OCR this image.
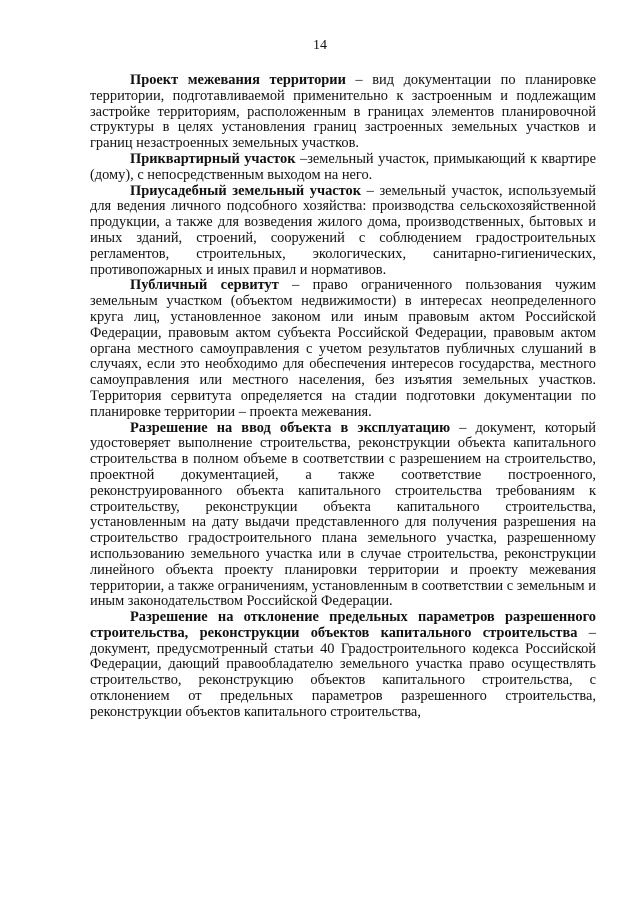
14

Проект межевания территории – вид документации по планировке территории, подготавливаемой применительно к застроенным и подлежащим застройке территориям, расположенным в границах элементов планировочной структуры в целях установления границ застроенных земельных участков и границ незастроенных земельных участков.

Приквартирный участок –земельный участок, примыкающий к квартире (дому), с непосредственным выходом на него.

Приусадебный земельный участок – земельный участок, используемый для ведения личного подсобного хозяйства: производства сельскохозяйственной продукции, а также для возведения жилого дома, производственных, бытовых и иных зданий, строений, сооружений с соблюдением градостроительных регламентов, строительных, экологических, санитарно-гигиенических, противопожарных и иных правил и нормативов.

Публичный сервитут – право ограниченного пользования чужим земельным участком (объектом недвижимости) в интересах неопределенного круга лиц, установленное законом или иным правовым актом Российской Федерации, правовым актом субъекта Российской Федерации, правовым актом органа местного самоуправления с учетом результатов публичных слушаний в случаях, если это необходимо для обеспечения интересов государства, местного самоуправления или местного населения, без изъятия земельных участков. Территория сервитута определяется на стадии подготовки документации по планировке территории – проекта межевания.

Разрешение на ввод объекта в эксплуатацию – документ, который удостоверяет выполнение строительства, реконструкции объекта капитального строительства в полном объеме в соответствии с разрешением на строительство, проектной документацией, а также соответствие построенного, реконструированного объекта капитального строительства требованиям к строительству, реконструкции объекта капитального строительства, установленным на дату выдачи представленного для получения разрешения на строительство градостроительного плана земельного участка, разрешенному использованию земельного участка или в случае строительства, реконструкции линейного объекта проекту планировки территории и проекту межевания территории, а также ограничениям, установленным в соответствии с земельным и иным законодательством Российской Федерации.

Разрешение на отклонение предельных параметров разрешенного строительства, реконструкции объектов капитального строительства – документ, предусмотренный статьи 40 Градостроительного кодекса Российской Федерации, дающий правообладателю земельного участка право осуществлять строительство, реконструкцию объектов капитального строительства, с отклонением от предельных параметров разрешенного строительства, реконструкции объектов капитального строительства,
